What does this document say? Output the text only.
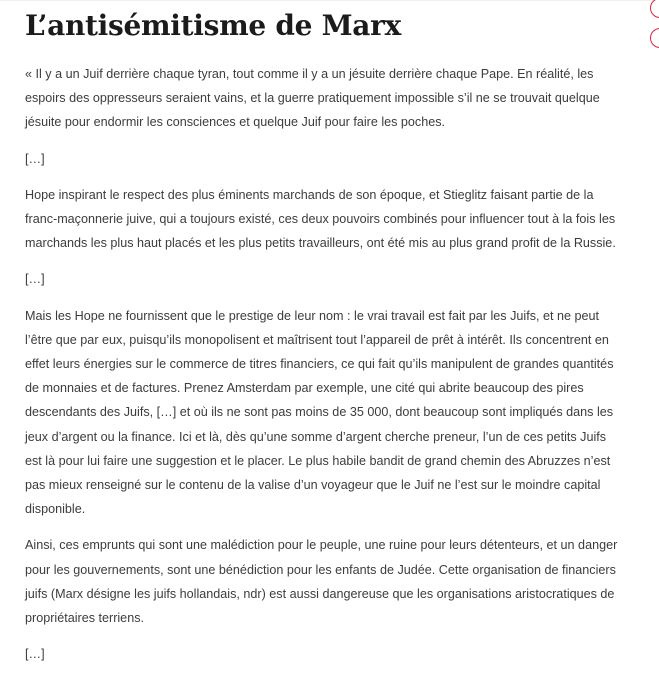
L’antisémitisme de Marx

« Il y a un Juif derrière chaque tyran, tout comme il y a un jésuite derrière chaque Pape. En réalité, les espoirs des oppresseurs seraient vains, et la guerre pratiquement impossible s’il ne se trouvait quelque jésuite pour endormir les consciences et quelque Juif pour faire les poches.

[…]

Hope inspirant le respect des plus éminents marchands de son époque, et Stieglitz faisant partie de la franc-maçonnerie juive, qui a toujours existé, ces deux pouvoirs combinés pour influencer tout à la fois les marchands les plus haut placés et les plus petits travailleurs, ont été mis au plus grand profit de la Russie.

[…]

Mais les Hope ne fournissent que le prestige de leur nom : le vrai travail est fait par les Juifs, et ne peut l’être que par eux, puisqu’ils monopolisent et maîtrisent tout l’appareil de prêt à intérêt. Ils concentrent en effet leurs énergies sur le commerce de titres financiers, ce qui fait qu’ils manipulent de grandes quantités de monnaies et de factures. Prenez Amsterdam par exemple, une cité qui abrite beaucoup des pires descendants des Juifs, […] et où ils ne sont pas moins de 35 000, dont beaucoup sont impliqués dans les jeux d’argent ou la finance. Ici et là, dès qu’une somme d’argent cherche preneur, l’un de ces petits Juifs est là pour lui faire une suggestion et le placer. Le plus habile bandit de grand chemin des Abruzzes n’est pas mieux renseigné sur le contenu de la valise d’un voyageur que le Juif ne l’est sur le moindre capital disponible.

Ainsi, ces emprunts qui sont une malédiction pour le peuple, une ruine pour leurs détenteurs, et un danger pour les gouvernements, sont une bénédiction pour les enfants de Judée. Cette organisation de financiers juifs (Marx désigne les juifs hollandais, ndr) est aussi dangereuse que les organisations aristocratiques de propriétaires terriens.

[…]
